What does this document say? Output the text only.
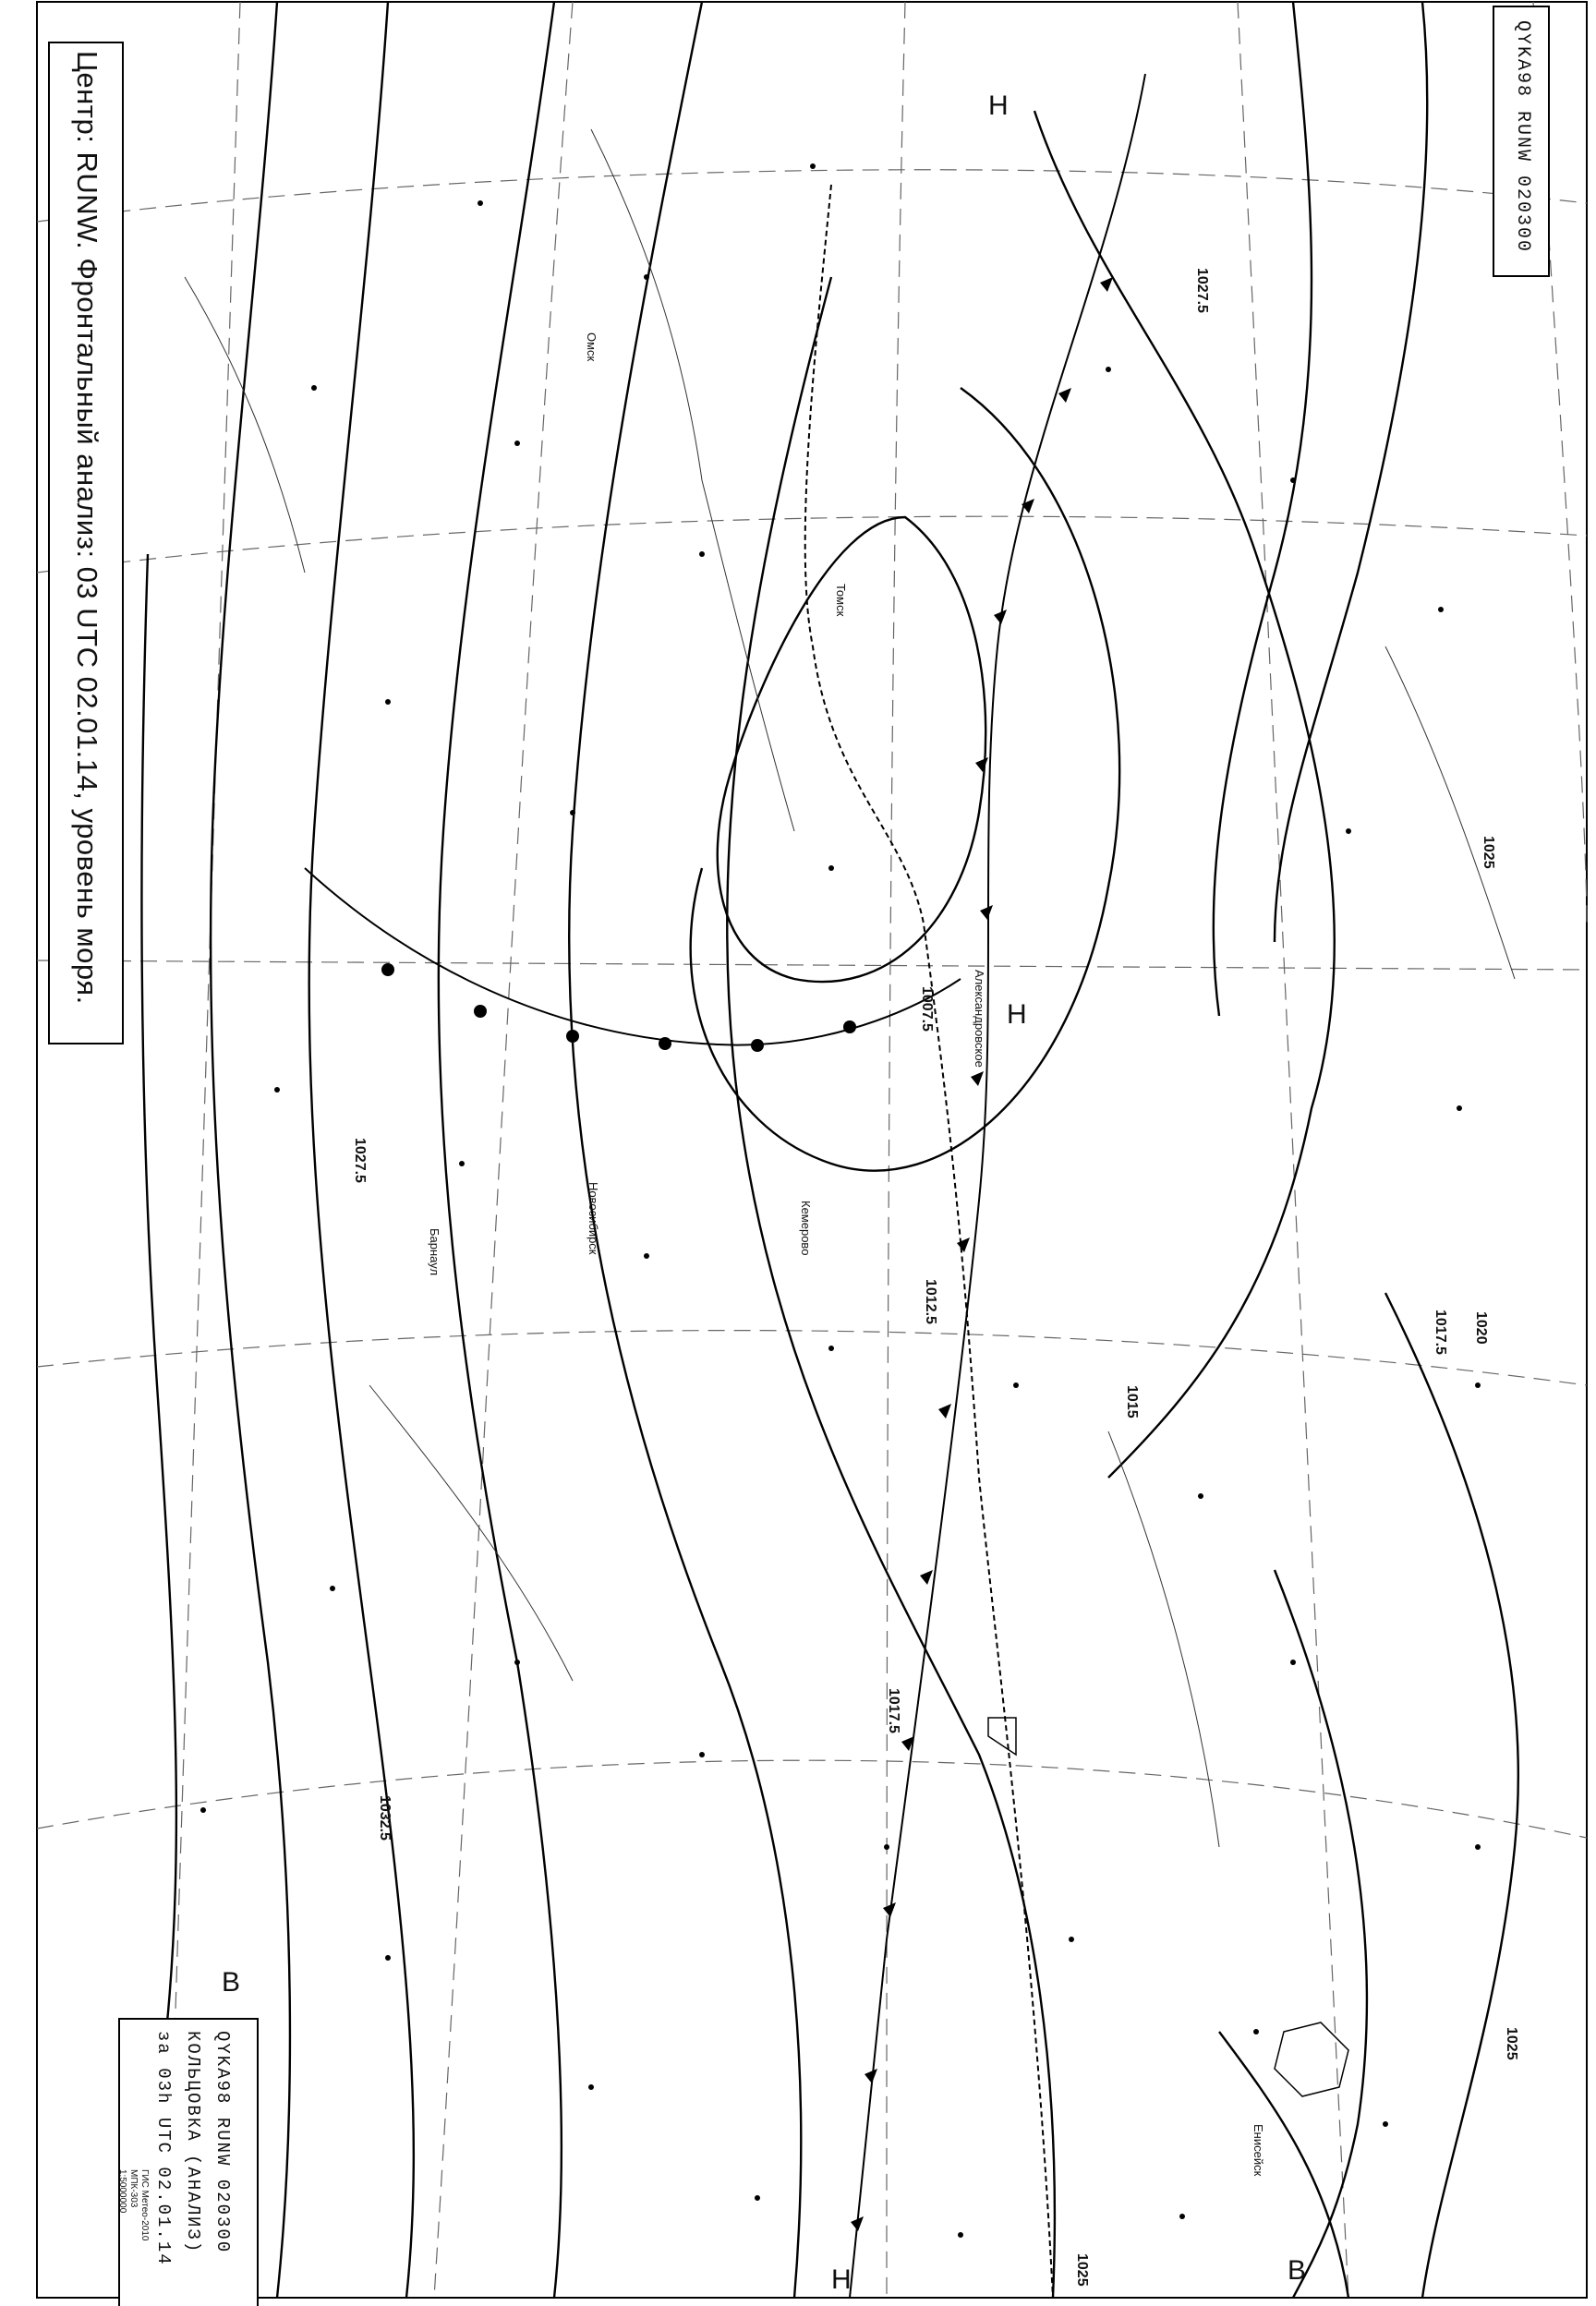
1027.5
1025
1020
1017.5
1015
1012.5
1007.5
1032.5
1027.5
1017.5
1025
1025
Н
Н
В
В
Н
Александровское
Новосибирск
Барнаул	Кемерово
Омск
Томск
Енисейск
Центр: RUNW. Фронтальный анализ: 03 UTC 02.01.14, уровень моря.	QYKA98 RUNW 020300
QYKA98 RUNW 020300
КОЛЬЦОВКА (АНАЛИЗ)
за 03h UTC 02.01.14
ГИС Метео-2010
МПК-303
1:5000000
